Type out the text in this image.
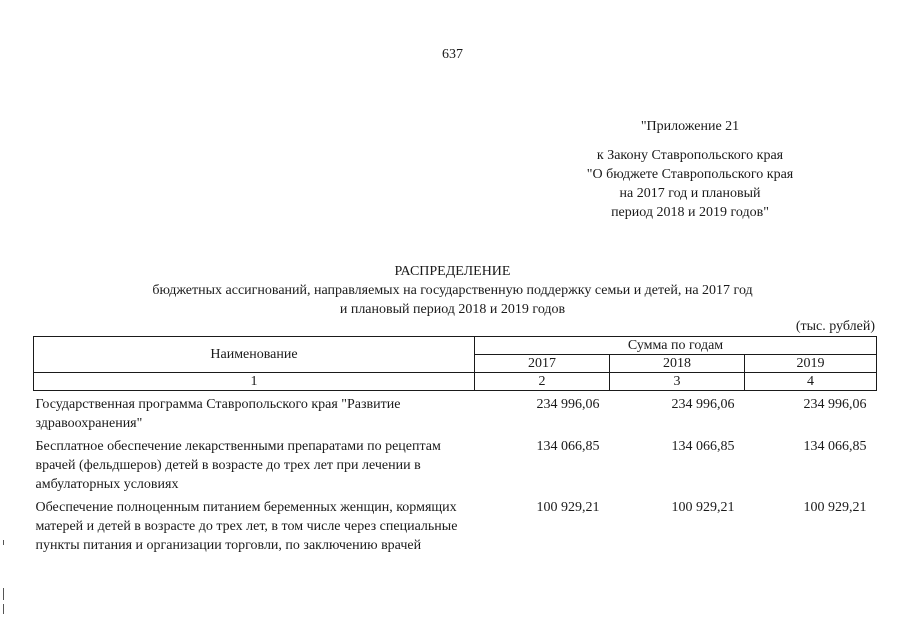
637
"Приложение 21
к Закону Ставропольского края
"О бюджете Ставропольского края
на 2017 год и плановый
период 2018 и 2019 годов"
РАСПРЕДЕЛЕНИЕ
бюджетных ассигнований, направляемых на государственную поддержку семьи и детей, на 2017 год
и плановый период 2018 и 2019 годов
(тыс. рублей)
Наименование	Сумма по годам		
	2017	2018	2019
1	2	3	4
Государственная программа Ставропольского края "Развитие здравоохранения"	234 996,06	234 996,06	234 996,06
Бесплатное обеспечение лекарственными препаратами по рецептам врачей (фельдшеров) детей в возрасте до трех лет при лечении в амбулаторных условиях	134 066,85	134 066,85	134 066,85
Обеспечение полноценным питанием беременных женщин, кормящих матерей и детей в возрасте до трех лет, в том числе через специальные пункты питания и организации торговли, по заключению врачей	100 929,21	100 929,21	100 929,21
